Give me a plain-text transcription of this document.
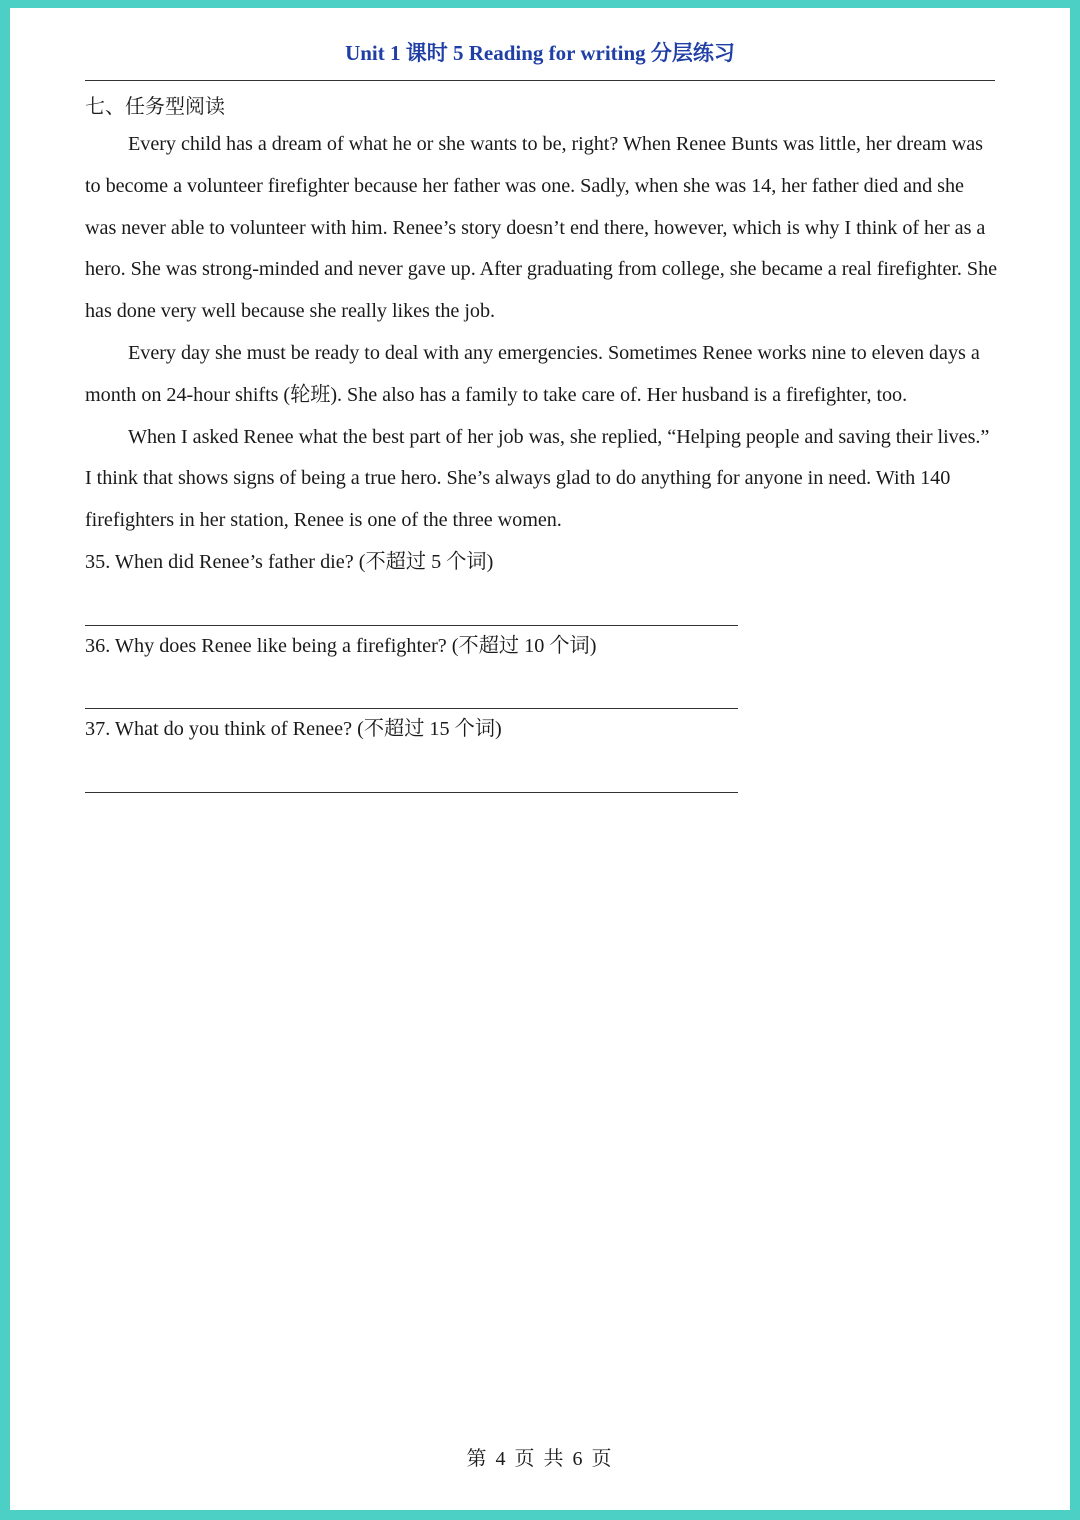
Unit 1 课时 5 Reading for writing 分层练习

七、任务型阅读

Every child has a dream of what he or she wants to be, right? When Renee Bunts was little, her dream was to become a volunteer firefighter because her father was one. Sadly, when she was 14, her father died and she was never able to volunteer with him. Renee’s story doesn’t end there, however, which is why I think of her as a hero. She was strong-minded and never gave up. After graduating from college, she became a real firefighter. She has done very well because she really likes the job.

Every day she must be ready to deal with any emergencies. Sometimes Renee works nine to eleven days a month on 24-hour shifts (轮班). She also has a family to take care of. Her husband is a firefighter, too.

When I asked Renee what the best part of her job was, she replied, “Helping people and saving their lives.” I think that shows signs of being a true hero. She’s always glad to do anything for anyone in need. With 140 firefighters in her station, Renee is one of the three women.

35. When did Renee’s father die? (不超过 5 个词)

36. Why does Renee like being a firefighter? (不超过 10 个词)

37. What do you think of Renee? (不超过 15 个词)

第 4 页 共 6 页
